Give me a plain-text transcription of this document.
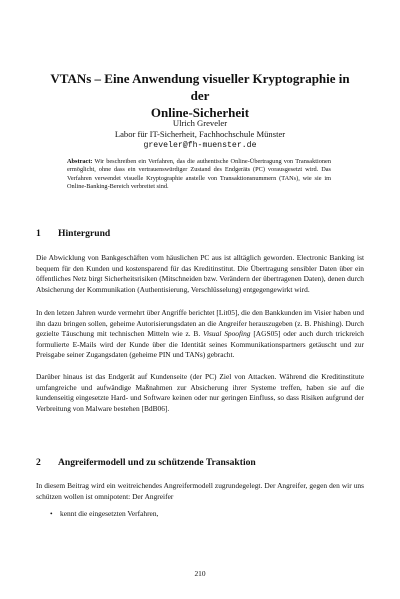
VTANs – Eine Anwendung visueller Kryptographie in der
Online-Sicherheit
Ulrich Greveler
Labor für IT-Sicherheit, Fachhochschule Münster
greveler@fh-muenster.de
Abstract: Wir beschreiben ein Verfahren, das die authentische Online-Übertragung von Transaktionen ermöglicht, ohne dass ein vertrauenswürdiger Zustand des Endgeräts (PC) vorausgesetzt wird. Das Verfahren verwendet visuelle Kryptographie anstelle von Transaktionsnummern (TANs), wie sie im Online-Banking-Bereich verbreitet sind.
1 Hintergrund
Die Abwicklung von Bankgeschäften vom häuslichen PC aus ist alltäglich geworden. Electronic Banking ist bequem für den Kunden und kostensparend für das Kreditinstitut. Die Übertragung sensibler Daten über ein öffentliches Netz birgt Sicherheitsrisiken (Mitschneiden bzw. Verändern der übertragenen Daten), denen durch Absicherung der Kommunikation (Authentisierung, Verschlüsselung) entgegengewirkt wird.
In den letzen Jahren wurde vermehrt über Angriffe berichtet [Lit05], die den Bankkunden im Visier haben und ihn dazu bringen sollen, geheime Autorisierungsdaten an die Angreifer herauszugeben (z. B. Phishing). Durch gezielte Täuschung mit technischen Mitteln wie z. B. Visual Spoofing [AGS05] oder auch durch trickreich formulierte E-Mails wird der Kunde über die Identität seines Kommunikationspartners getäuscht und zur Preisgabe seiner Zugangsdaten (geheime PIN und TANs) gebracht.
Darüber hinaus ist das Endgerät auf Kundenseite (der PC) Ziel von Attacken. Während die Kreditinstitute umfangreiche und aufwändige Maßnahmen zur Absicherung ihrer Systeme treffen, haben sie auf die kundenseitig eingesetzte Hard- und Software keinen oder nur geringen Einfluss, so dass Risiken aufgrund der Verbreitung von Malware bestehen [BdB06].
2 Angreifermodell und zu schützende Transaktion
In diesem Beitrag wird ein weitreichendes Angreifermodell zugrundegelegt. Der Angreifer, gegen den wir uns schützen wollen ist omnipotent: Der Angreifer
• kennt die eingesetzten Verfahren,
210
